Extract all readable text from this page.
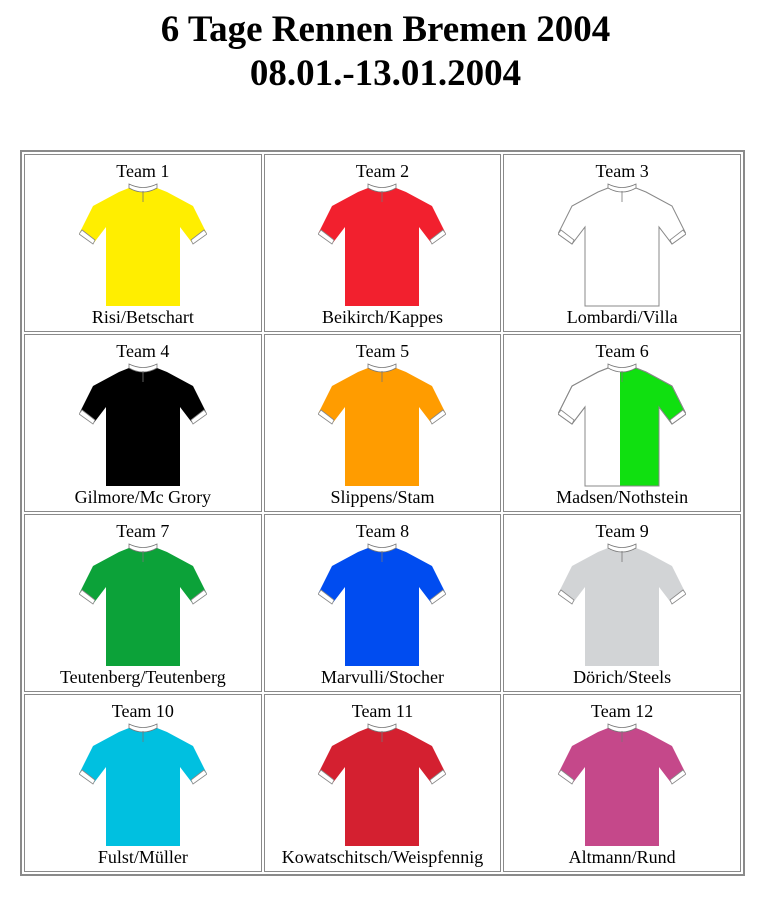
6 Tage Rennen Bremen 2004
08.01.-13.01.2004
Team 1
Risi/Betschart
Team 2
Beikirch/Kappes
Team 3
Lombardi/Villa
Team 4
Gilmore/Mc Grory
Team 5
Slippens/Stam
Team 6
Madsen/Nothstein
Team 7
Teutenberg/Teutenberg
Team 8
Marvulli/Stocher
Team 9
Dörich/Steels
Team 10
Fulst/Müller
Team 11
Kowatschitsch/Weispfennig
Team 12
Altmann/Rund
